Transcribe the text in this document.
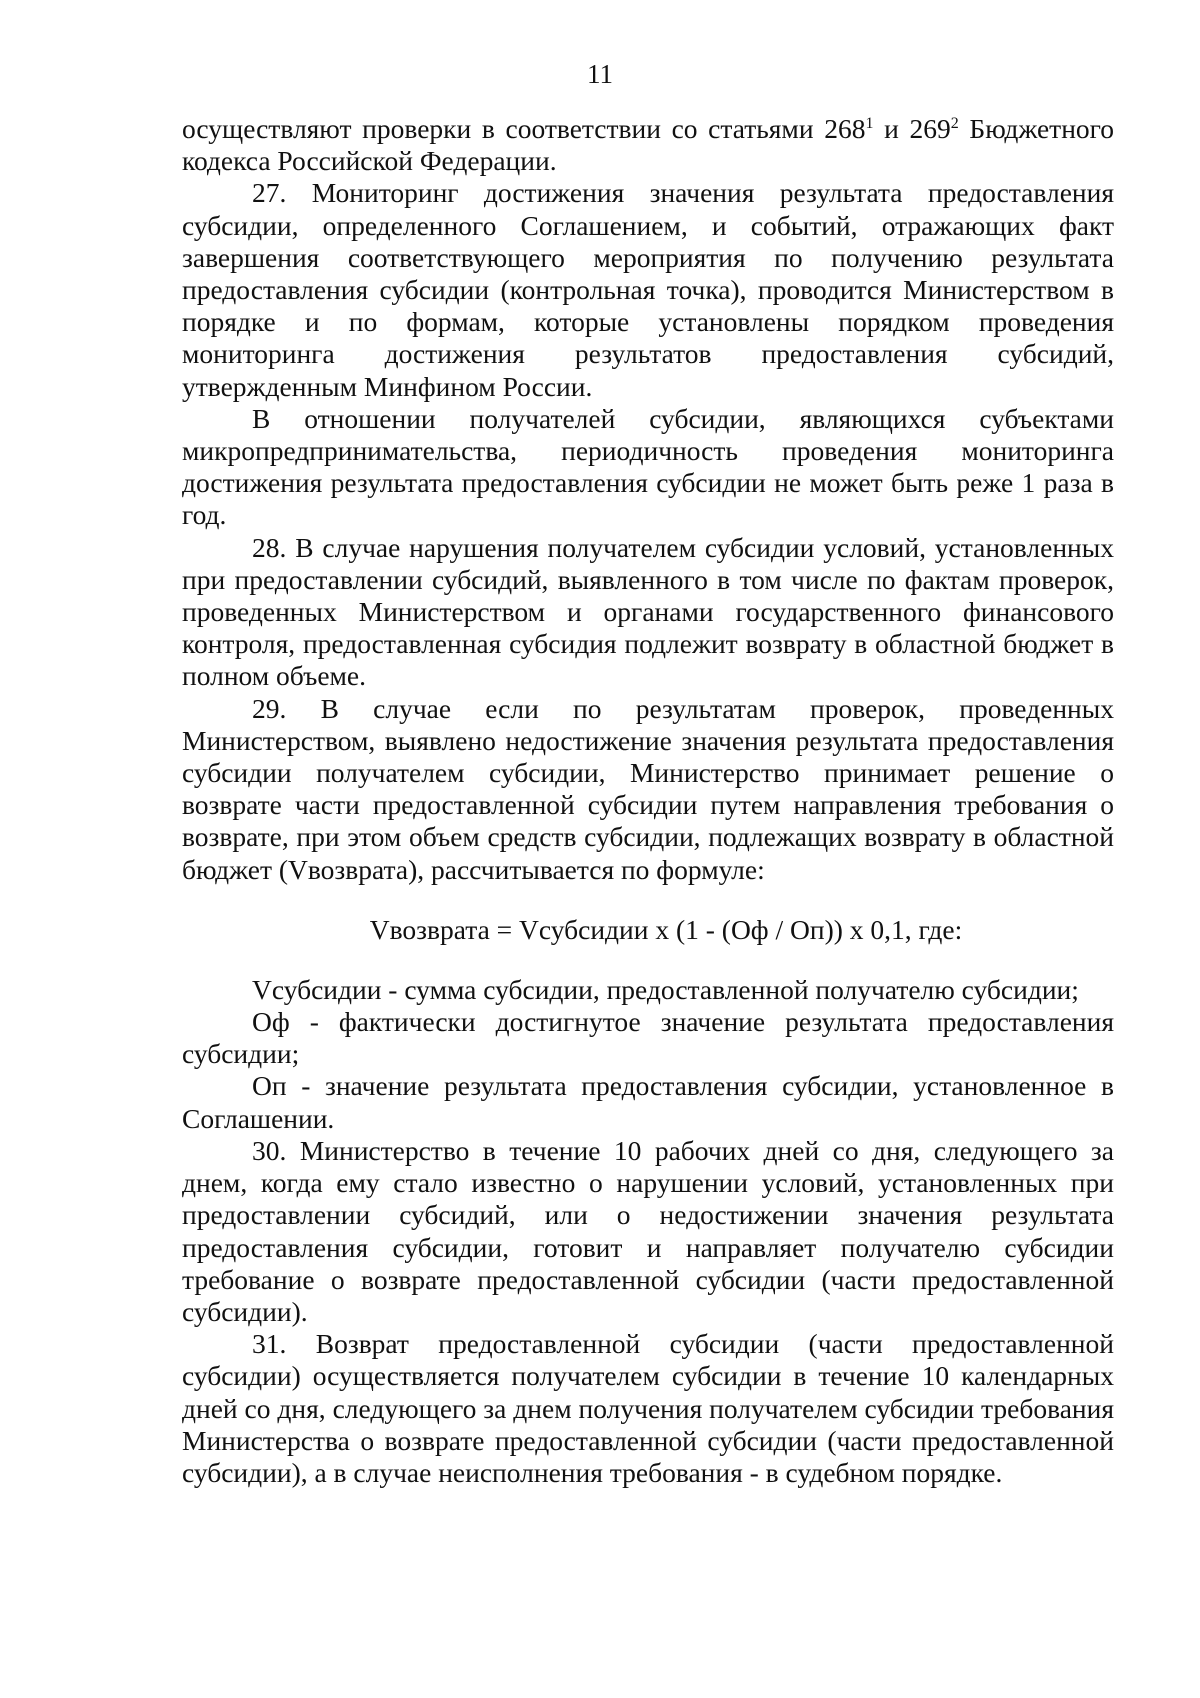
11

осуществляют проверки в соответствии со статьями $268^1$ и $269^2$ Бюджетного кодекса Российской Федерации.

27. Мониторинг достижения значения результата предоставления субсидии, определенного Соглашением, и событий, отражающих факт завершения соответствующего мероприятия по получению результата предоставления субсидии (контрольная точка), проводится Министерством в порядке и по формам, которые установлены порядком проведения мониторинга достижения результатов предоставления субсидий, утвержденным Минфином России.

В отношении получателей субсидии, являющихся субъектами микропредпринимательства, периодичность проведения мониторинга достижения результата предоставления субсидии не может быть реже 1 раза в год.

28. В случае нарушения получателем субсидии условий, установленных при предоставлении субсидий, выявленного в том числе по фактам проверок, проведенных Министерством и органами государственного финансового контроля, предоставленная субсидия подлежит возврату в областной бюджет в полном объеме.

29. В случае если по результатам проверок, проведенных Министерством, выявлено недостижение значения результата предоставления субсидии получателем субсидии, Министерство принимает решение о возврате части предоставленной субсидии путем направления требования о возврате, при этом объем средств субсидии, подлежащих возврату в областной бюджет (Vвозврата), рассчитывается по формуле:

Vвозврата = Vсубсидии x (1 - (Оф / Оп)) x 0,1, где:

Vсубсидии - сумма субсидии, предоставленной получателю субсидии;

Оф - фактически достигнутое значение результата предоставления субсидии;

Оп - значение результата предоставления субсидии, установленное в Соглашении.

30. Министерство в течение 10 рабочих дней со дня, следующего за днем, когда ему стало известно о нарушении условий, установленных при предоставлении субсидий, или о недостижении значения результата предоставления субсидии, готовит и направляет получателю субсидии требование о возврате предоставленной субсидии (части предоставленной субсидии).

31. Возврат предоставленной субсидии (части предоставленной субсидии) осуществляется получателем субсидии в течение 10 календарных дней со дня, следующего за днем получения получателем субсидии требования Министерства о возврате предоставленной субсидии (части предоставленной субсидии), а в случае неисполнения требования - в судебном порядке.
